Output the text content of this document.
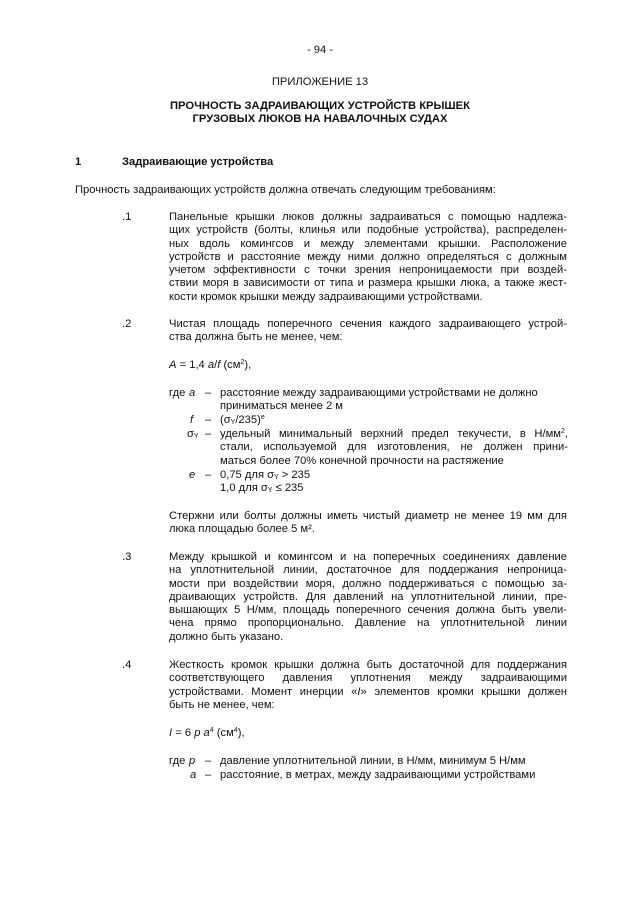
- 94 -
ПРИЛОЖЕНИЕ 13
ПРОЧНОСТЬ ЗАДРАИВАЮЩИХ УСТРОЙСТВ КРЫШЕК
ГРУЗОВЫХ ЛЮКОВ НА НАВАЛОЧНЫХ СУДАХ
1	Задраивающие устройства
Прочность задраивающих устройств должна отвечать следующим требованиям:
.1	Панельные крышки люков должны задраиваться с помощью надлежа-
щих устройств (болты, клинья или подобные устройства), распределен-
ных вдоль комингсов и между элементами крышки. Расположение
устройств и расстояние между ними должно определяться с должным
учетом эффективности с точки зрения непроницаемости при воздей-
ствии моря в зависимости от типа и размера крышки люка, а также жест-
кости кромок крышки между задраивающими устройствами.
.2	Чистая площадь поперечного сечения каждого задраивающего устрой-
ства должна быть не менее, чем:
A = 1,4 a/f $(см^2)$,
где a – расстояние между задраивающими устройствами не должно
приниматься менее 2 м
f – $(\sigma_Y/235)^e$
$\sigma_Y$ – удельный минимальный верхний предел текучести, в $Н/мм^2$,
стали, используемой для изготовления, не должен прини-
маться более 70% конечной прочности на растяжение
e – 0,75 для $\sigma_Y > 235$
1,0 для $\sigma_Y \le 235$
Стержни или болты должны иметь чистый диаметр не менее 19 мм для
люка площадью более 5 м².
.3	Между крышкой и комингсом и на поперечных соединениях давление
на уплотнительной линии, достаточное для поддержания непроница-
мости при воздействии моря, должно поддерживаться с помощью за-
драивающих устройств. Для давлений на уплотнительной линии, пре-
вышающих 5 Н/мм, площадь поперечного сечения должна быть увели-
чена прямо пропорционально. Давление на уплотнительной линии
должно быть указано.
.4	Жесткость кромок крышки должна быть достаточной для поддержания
соответствующего давления уплотнения между задраивающими
устройствами. Момент инерции «I» элементов кромки крышки должен
быть не менее, чем:
I = 6 p $a^4$ $(см^4)$,
где p – давление уплотнительной линии, в Н/мм, минимум 5 Н/мм
a – расстояние, в метрах, между задраивающими устройствами
